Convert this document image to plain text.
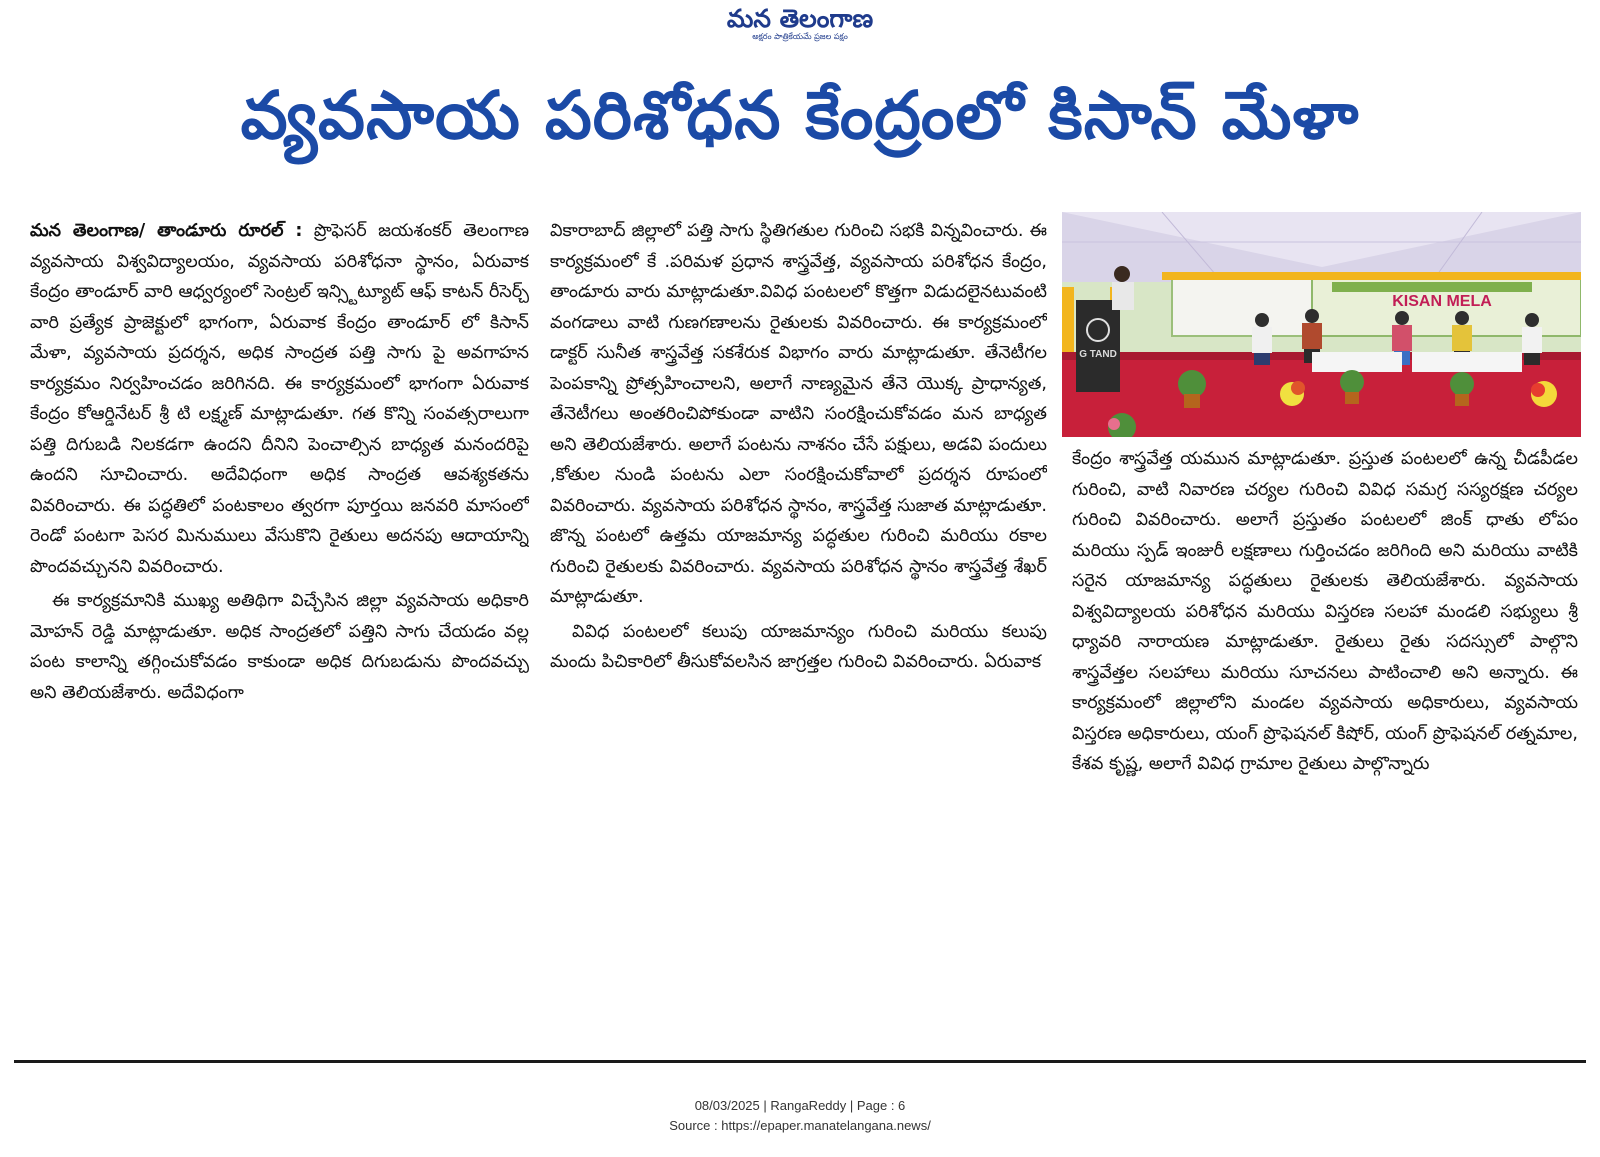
మన తెలంగాణ
అక్షరం పాత్రికేయమే ప్రజల పక్షం
వ్యవసాయ పరిశోధన కేంద్రంలో కిసాన్ మేళా

మన తెలంగాణ/ తాండూరు రూరల్ : ప్రొఫెసర్ జయశంకర్ తెలంగాణ వ్యవసాయ విశ్వవిద్యాలయం, వ్యవసాయ పరిశోధనా స్థానం, ఏరువాక కేంద్రం తాండూర్ వారి ఆధ్వర్యంలో సెంట్రల్ ఇన్స్టిట్యూట్ ఆఫ్ కాటన్ రీసెర్చ్ వారి ప్రత్యేక ప్రాజెక్టులో భాగంగా, ఏరువాక కేంద్రం తాండూర్ లో కిసాన్ మేళా, వ్యవసాయ ప్రదర్శన, అధిక సాంద్రత పత్తి సాగు పై అవగాహన కార్యక్రమం నిర్వహించడం జరిగినది. ఈ కార్యక్రమంలో భాగంగా ఏరువాక కేంద్రం కోఆర్డినేటర్ శ్రీ టి లక్ష్మణ్ మాట్లాడుతూ. గత కొన్ని సంవత్సరాలుగా పత్తి దిగుబడి నిలకడగా ఉందని దీనిని పెంచాల్సిన బాధ్యత మనందరిపై ఉందని సూచించారు. అదేవిధంగా అధిక సాంద్రత ఆవశ్యకతను వివరించారు. ఈ పద్ధతిలో పంటకాలం త్వరగా పూర్తయి జనవరి మాసంలో రెండో పంటగా పెసర మినుములు వేసుకొని రైతులు అదనపు ఆదాయాన్ని పొందవచ్చునని వివరించారు.

ఈ కార్యక్రమానికి ముఖ్య అతిథిగా విచ్చేసిన జిల్లా వ్యవసాయ అధికారి మోహన్ రెడ్డి మాట్లాడుతూ. అధిక సాంద్రతలో పత్తిని సాగు చేయడం వల్ల పంట కాలాన్ని తగ్గించుకోవడం కాకుండా అధిక దిగుబడును పొందవచ్చు అని తెలియజేశారు. అదేవిధంగా

వికారాబాద్ జిల్లాలో పత్తి సాగు స్థితిగతుల గురించి సభకి విన్నవించారు. ఈ కార్యక్రమంలో కే .పరిమళ ప్రధాన శాస్త్రవేత్త, వ్యవసాయ పరిశోధన కేంద్రం, తాండూరు వారు మాట్లాడుతూ.వివిధ పంటలలో కొత్తగా విడుదలైనటువంటి వంగడాలు వాటి గుణగణాలను రైతులకు వివరించారు. ఈ కార్యక్రమంలో డాక్టర్ సునీత శాస్త్రవేత్త సకశేరుక విభాగం వారు మాట్లాడుతూ. తేనెటీగల పెంపకాన్ని ప్రోత్సహించాలని, అలాగే నాణ్యమైన తేనె యొక్క ప్రాధాన్యత, తేనెటీగలు అంతరించిపోకుండా వాటిని సంరక్షించుకోవడం మన బాధ్యత అని తెలియజేశారు. అలాగే పంటను నాశనం చేసే పక్షులు, అడవి పందులు ,కోతుల నుండి పంటను ఎలా సంరక్షించుకోవాలో ప్రదర్శన రూపంలో వివరించారు. వ్యవసాయ పరిశోధన స్థానం, శాస్త్రవేత్త సుజాత మాట్లాడుతూ. జొన్న పంటలో ఉత్తమ యాజమాన్య పద్ధతుల గురించి మరియు రకాల గురించి రైతులకు వివరించారు. వ్యవసాయ పరిశోధన స్థానం శాస్త్రవేత్త శేఖర్ మాట్లాడుతూ.

వివిధ పంటలలో కలుపు యాజమాన్యం గురించి మరియు కలుపు మందు పిచికారిలో తీసుకోవలసిన జాగ్రత్తల గురించి వివరించారు. ఏరువాక

KISAN MELA
G TAND

కేంద్రం శాస్త్రవేత్త యమున మాట్లాడుతూ. ప్రస్తుత పంటలలో ఉన్న చీడపీడల గురించి, వాటి నివారణ చర్యల గురించి వివిధ సమగ్ర సస్యరక్షణ చర్యల గురించి వివరించారు. అలాగే ప్రస్తుతం పంటలలో జింక్ ధాతు లోపం మరియు స్పడ్ ఇంజురీ లక్షణాలు గుర్తించడం జరిగింది అని మరియు వాటికి సరైన యాజమాన్య పద్ధతులు రైతులకు తెలియజేశారు. వ్యవసాయ విశ్వవిద్యాలయ పరిశోధన మరియు విస్తరణ సలహా మండలి సభ్యులు శ్రీ ధ్యావరి నారాయణ మాట్లాడుతూ. రైతులు రైతు సదస్సులో పాల్గొని శాస్త్రవేత్తల సలహాలు మరియు సూచనలు పాటించాలి అని అన్నారు. ఈ కార్యక్రమంలో జిల్లాలోని మండల వ్యవసాయ అధికారులు, వ్యవసాయ విస్తరణ అధికారులు, యంగ్ ప్రొఫెషనల్ కిషోర్, యంగ్ ప్రొఫెషనల్ రత్నమాల, కేశవ కృష్ణ, అలాగే వివిధ గ్రామాల రైతులు పాల్గొన్నారు

08/03/2025 | RangaReddy | Page : 6
Source : https://epaper.manatelangana.news/
